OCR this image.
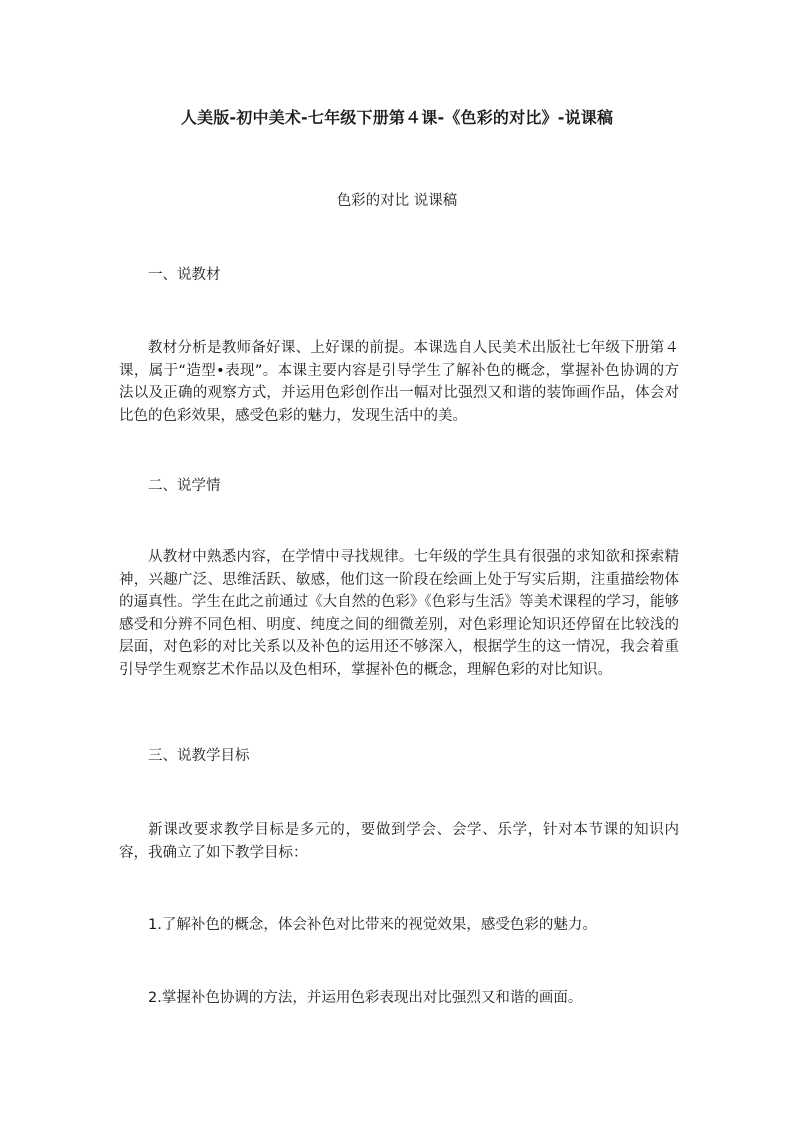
人美版-初中美术-七年级下册第４课-《色彩的对比》-说课稿

色彩的对比 说课稿

一、说教材

教材分析是教师备好课、上好课的前提。本课选自人民美术出版社七年级下册第４课，属于“造型•表现”。本课主要内容是引导学生了解补色的概念，掌握补色协调的方法以及正确的观察方式，并运用色彩创作出一幅对比强烈又和谐的装饰画作品，体会对比色的色彩效果，感受色彩的魅力，发现生活中的美。

二、说学情

从教材中熟悉内容，在学情中寻找规律。七年级的学生具有很强的求知欲和探索精神，兴趣广泛、思维活跃、敏感，他们这一阶段在绘画上处于写实后期，注重描绘物体的逼真性。学生在此之前通过《大自然的色彩》《色彩与生活》等美术课程的学习，能够感受和分辨不同色相、明度、纯度之间的细微差别，对色彩理论知识还停留在比较浅的层面，对色彩的对比关系以及补色的运用还不够深入，根据学生的这一情况，我会着重引导学生观察艺术作品以及色相环，掌握补色的概念，理解色彩的对比知识。

三、说教学目标

新课改要求教学目标是多元的，要做到学会、会学、乐学，针对本节课的知识内容，我确立了如下教学目标：

1.了解补色的概念，体会补色对比带来的视觉效果，感受色彩的魅力。

2.掌握补色协调的方法，并运用色彩表现出对比强烈又和谐的画面。
